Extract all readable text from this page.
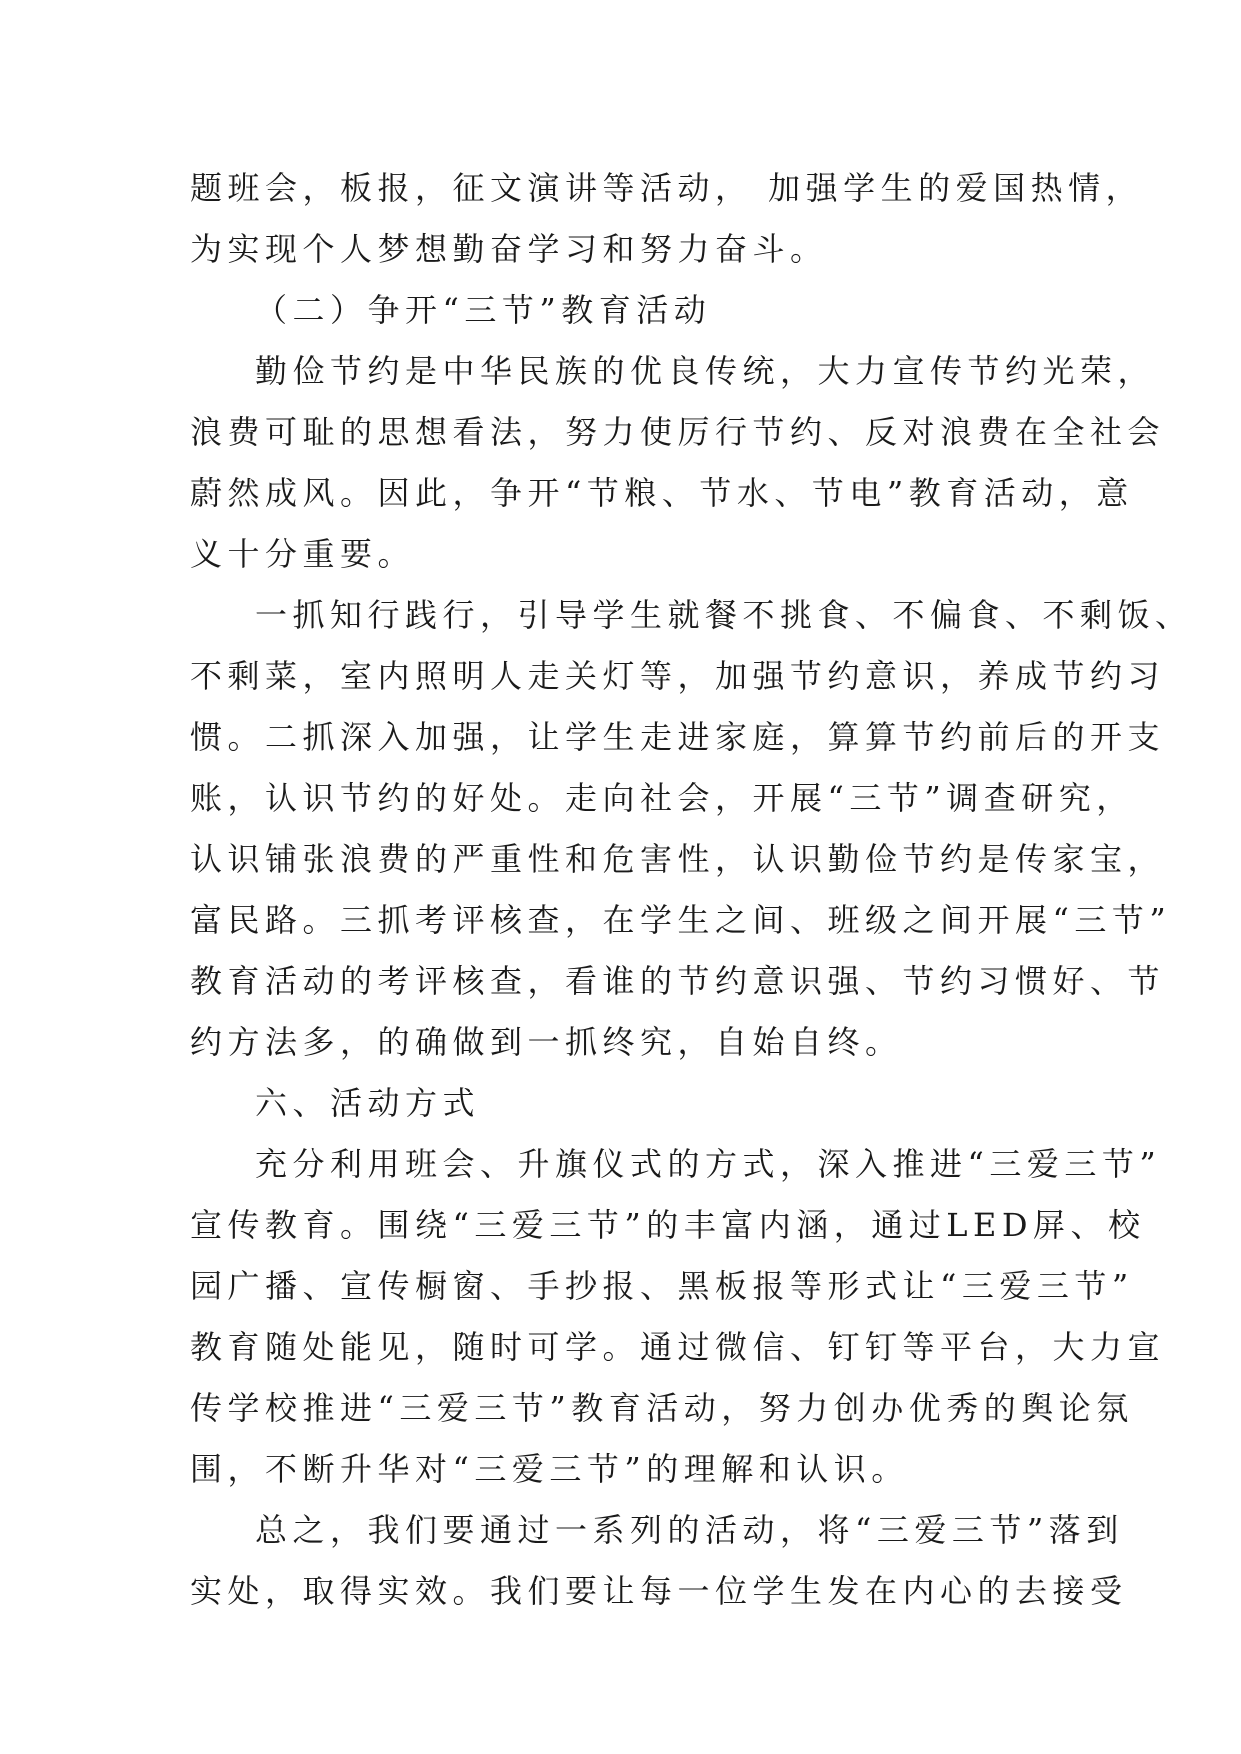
题班会，板报，征文演讲等活动， 加强学生的爱国热情，
为实现个人梦想勤奋学习和努力奋斗。
（二）争开“三节”教育活动
勤俭节约是中华民族的优良传统，大力宣传节约光荣，
浪费可耻的思想看法，努力使厉行节约、反对浪费在全社会
蔚然成风。因此，争开“节粮、节水、节电”教育活动，意
义十分重要。
一抓知行践行，引导学生就餐不挑食、不偏食、不剩饭、
不剩菜，室内照明人走关灯等，加强节约意识，养成节约习
惯。二抓深入加强，让学生走进家庭，算算节约前后的开支
账，认识节约的好处。走向社会，开展“三节”调查研究，
认识铺张浪费的严重性和危害性，认识勤俭节约是传家宝，
富民路。三抓考评核查，在学生之间、班级之间开展“三节”
教育活动的考评核查，看谁的节约意识强、节约习惯好、节
约方法多，的确做到一抓终究，自始自终。
六、活动方式
充分利用班会、升旗仪式的方式，深入推进“三爱三节”
宣传教育。围绕“三爱三节”的丰富内涵，通过LED屏、校
园广播、宣传橱窗、手抄报、黑板报等形式让“三爱三节”
教育随处能见，随时可学。通过微信、钉钉等平台，大力宣
传学校推进“三爱三节”教育活动，努力创办优秀的舆论氛
围，不断升华对“三爱三节”的理解和认识。
总之，我们要通过一系列的活动，将“三爱三节”落到
实处，取得实效。我们要让每一位学生发在内心的去接受
